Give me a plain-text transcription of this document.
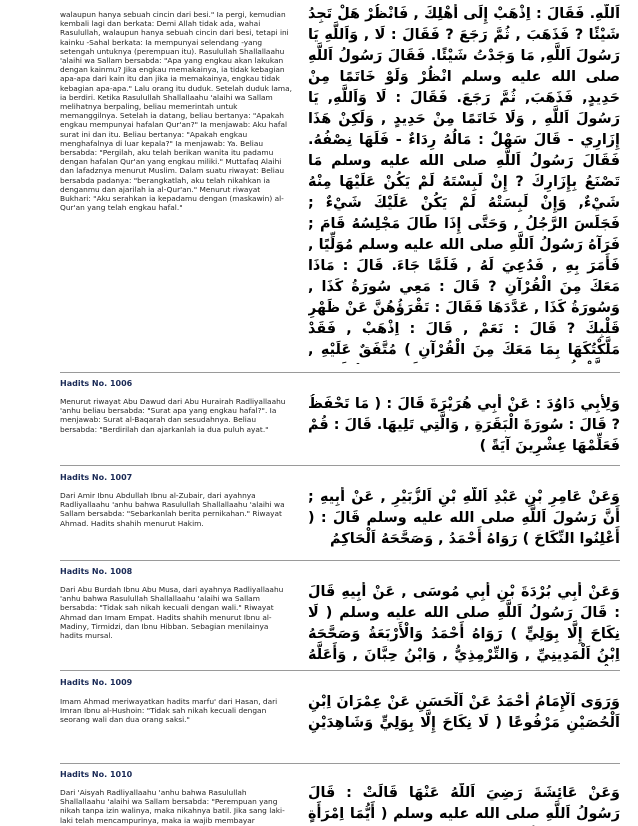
walaupun hanya sebuah cincin dari besi." Ia pergi, kemudian kembali lagi dan berkata: Demi Allah tidak ada, wahai Rasulullah, walaupun hanya sebuah cincin dari besi, tetapi ini kainku -Sahal berkata: Ia mempunyai selendang -yang setengah untuknya (perempuan itu). Rasulullah Shallallaahu 'alaihi wa Sallam bersabda: "Apa yang engkau akan lakukan dengan kainmu? Jika engkau memakainya, ia tidak kebagian apa-apa dari kain itu dan jika ia memakainya, engkau tidak kebagian apa-apa." Lalu orang itu duduk. Setelah duduk lama, ia berdiri. Ketika Rasulullah Shallallaahu 'alaihi wa Sallam melihatnya berpaling, beliau memerintah untuk memanggilnya. Setelah ia datang, beliau bertanya: "Apakah engkau mempunyai hafalan Qur'an?" Ia menjawab: Aku hafal surat ini dan itu. Beliau bertanya: "Apakah engkau menghafalnya di luar kepala?" Ia menjawab: Ya. Beliau bersabda: "Pergilah, aku telah berikan wanita itu padamu dengan hafalan Qur'an yang engkau miliki." Muttafaq Alaihi dan lafadznya menurut Muslim. Dalam suatu riwayat: Beliau bersabda padanya: "berangkatlah, aku telah nikahkan ia denganmu dan ajarilah ia al-Qur'an." Menurut riwayat Bukhari: "Aku serahkan ia kepadamu dengan (maskawin) al-Qur'an yang telah engkau hafal."
اَللَّهِ. فَقَالَ : اِذْهَبْ إِلَى أَهْلِكَ , فَانْظُرْ هَلْ تَجِدُ شَيْئًا ? فَذَهَبَ , ثُمَّ رَجَعَ ? فَقَالَ : لَا , وَاَللَّهِ يَا رَسُولَ اَللَّهِ, مَا وَجَدْتُ شَيْئًا. فَقَالَ رَسُولُ اَللَّهِ صلى الله عليه وسلم انْظُرْ وَلَوْ خَاتَمًا مِنْ حَدِيدٍ, فَذَهَبَ, ثُمَّ رَجَعَ. فَقَالَ : لَا وَاَللَّهِ, يَا رَسُولَ اَللَّهِ , وَلَا خَاتَمًا مِنْ حَدِيدٍ , وَلَكِنْ هَذَا إِزَارِي - قَالَ سَهْلٌ : مَالُهُ رِدَاءٌ - فَلَهَا نِصْفُهُ. فَقَالَ رَسُولُ اَللَّهِ صلى الله عليه وسلم مَا تَصْنَعُ بِإِزَارِكَ ? إِنْ لَبِسْتَهُ لَمْ يَكُنْ عَلَيْهَا مِنْهُ شَيْءٌ, وَإِنْ لَبِسَتْهُ لَمْ يَكُنْ عَلَيْكَ شَيْءٌ ; فَجَلَسَ الرَّجُلُ , وَحَتَّى إِذَا طَالَ مَجْلِسُهُ قَامَ ; فَرَآهُ رَسُولُ اَللَّهِ صلى الله عليه وسلم مُوَلِّيًا , فَأَمَرَ بِهِ , فَدُعِيَ لَهُ , فَلَمَّا جَاءَ. قَالَ : مَاذَا مَعَكَ مِنَ الْقُرْآنِ ? قَالَ : مَعِي سُورَةُ كَذَا , وَسُورَةُ كَذَا , عَدَّدَهَا فَقَالَ : تَقْرَؤُهُنَّ عَنْ ظَهْرِ قَلْبِكَ ? قَالَ : نَعَمْ , قَالَ : اِذْهَبْ , فَقَدْ مَلَّكْتُكَهَا بِمَا مَعَكَ مِنَ الْقُرْآنِ ) مُتَّفَقٌ عَلَيْهِ ,
Hadits No. 1006
Menurut riwayat Abu Dawud dari Abu Hurairah Radliyallaahu 'anhu beliau bersabda: "Surat apa yang engkau hafal?". Ia menjawab: Surat al-Baqarah dan sesudahnya. Beliau bersabda: "Berdirilah dan ajarkanlah ia dua puluh ayat."
وَلِأَبِي دَاوُدَ : عَنْ أَبِي هُرَيْرَةَ قَالَ : ( مَا تَحْفَظُ ? قَالَ : سُورَةَ الْبَقَرَةِ , وَالَّتِي تَلِيهَا. قَالَ : قُمْ فَعَلِّمْهَا عِشْرِينَ آيَةً )
Hadits No. 1007
Dari Amir Ibnu Abdullah Ibnu al-Zubair, dari ayahnya Radliyallaahu 'anhu bahwa Rasulullah Shallallaahu 'alaihi wa Sallam bersabda: "Sebarkanlah berita pernikahan." Riwayat Ahmad. Hadits shahih menurut Hakim.
وَعَنْ عَامِرِ بْنِ عَبْدِ اَللَّهِ بْنِ اَلزُّبَيْرِ , عَنْ أَبِيهِ ; أَنَّ رَسُولَ اَللَّهِ صلى الله عليه وسلم قَالَ : ( أَعْلِنُوا النِّكَاحَ ) رَوَاهُ أَحْمَدُ , وَصَحَّحَهُ اَلْحَاكِمُ
Hadits No. 1008
Dari Abu Burdah Ibnu Abu Musa, dari ayahnya Radliyallaahu 'anhu bahwa Rasulullah Shallallaahu 'alaihi wa Sallam bersabda: "Tidak sah nikah kecuali dengan wali." Riwayat Ahmad dan Imam Empat. Hadits shahih menurut Ibnu al-Madiny, Tirmidzi, dan Ibnu Hibban. Sebagian menilainya hadits mursal.
وَعَنْ أَبِي بُرْدَةَ بْنِ أَبِي مُوسَى , عَنْ أَبِيهِ قَالَ : قَالَ رَسُولُ اَللَّهِ صلى الله عليه وسلم ( لَا نِكَاحَ إِلَّا بِوَلِيٍّ ) رَوَاهُ أَحْمَدُ وَالْأَرْبَعَةُ وَصَحَّحَهُ اِبْنُ اَلْمَدِينِيِّ , وَالتِّرْمِذِيُّ , وَابْنُ حِبَّانَ , وَأَعَلَّهُ
Hadits No. 1009
Imam Ahmad meriwayatkan hadits marfu' dari Hasan, dari Imran Ibnu al-Hushoin: "Tidak sah nikah kecuali dengan seorang wali dan dua orang saksi."
وَرَوَى اَلْإِمَامُ أَحْمَدُ عَنْ اَلْحَسَنِ عَنْ عِمْرَانَ اِبْنِ اَلْحُصَيْنِ مَرْفُوعًا ( لَا نِكَاحَ إِلَّا بِوَلِيٍّ وَشَاهِدَيْنِ
Hadits No. 1010
Dari 'Aisyah Radliyallaahu 'anhu bahwa Rasulullah Shallallaahu 'alaihi wa Sallam bersabda: "Perempuan yang nikah tanpa izin walinya, maka nikahnya batil. Jika sang laki-laki telah mencampurinya, maka ia wajib membayar
وَعَنْ عَائِشَةَ رَضِيَ اَللَّهُ عَنْهَا قَالَتْ : قَالَ رَسُولُ اَللَّهِ صلى الله عليه وسلم ( أَيُّمَا اِمْرَأَةٍ
